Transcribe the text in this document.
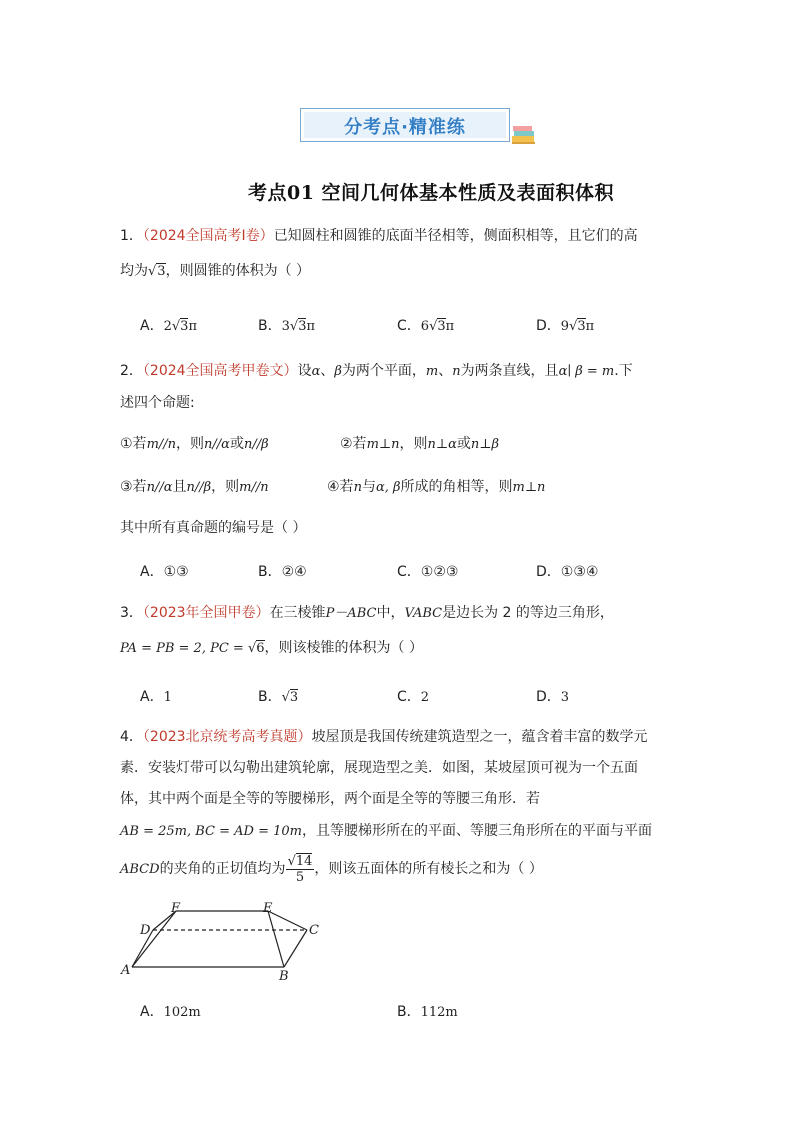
分考点·精准练
考点01 空间几何体基本性质及表面积体积
1．（2024全国高考Ⅰ卷）已知圆柱和圆锥的底面半径相等，侧面积相等，且它们的高
均为√3，则圆锥的体积为（ ）
A．2√3π	B．3√3π	C．6√3π	D．9√3π
2．（2024全国高考甲卷文）设α、β为两个平面，m、n为两条直线，且α∣ β = m.下
述四个命题:
①若m//n，则n//α或n//β	②若m⊥n，则n⊥α或n⊥β
③若n//α且n//β，则m//n	④若n与α, β所成的角相等，则m⊥n
其中所有真命题的编号是（ ）
A．①③	B．②④	C．①②③	D．①③④
3．（2023年全国甲卷）在三棱锥P－ABC中，VABC是边长为 2 的等边三角形，
PA = PB = 2, PC = √6，则该棱锥的体积为（ ）
A．1	B．√3	C．2	D．3
4．（2023北京统考高考真题）坡屋顶是我国传统建筑造型之一，蕴含着丰富的数学元
素．安装灯带可以勾勒出建筑轮廓，展现造型之美．如图，某坡屋顶可视为一个五面
体，其中两个面是全等的等腰梯形，两个面是全等的等腰三角形．若
AB = 25m, BC = AD = 10m，且等腰梯形所在的平面、等腰三角形所在的平面与平面
ABCD的夹角的正切值均为 $\frac{√14}{5}$ ，则该五面体的所有棱长之和为（ ）
F	E
D	C
A	B
A．102m	B．112m
